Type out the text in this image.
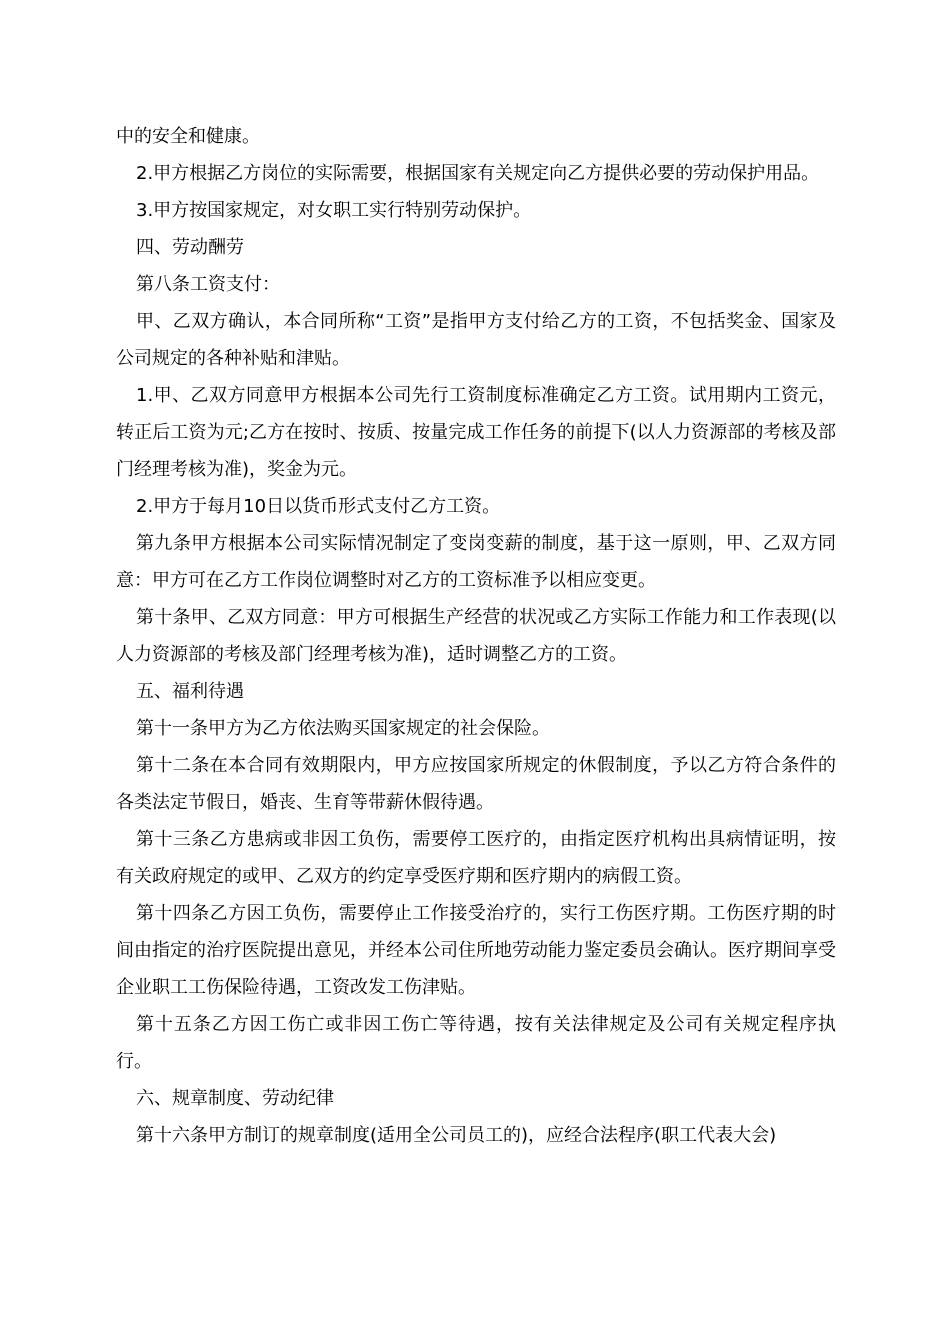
中的安全和健康。

2.甲方根据乙方岗位的实际需要，根据国家有关规定向乙方提供必要的劳动保护用品。

3.甲方按国家规定，对女职工实行特别劳动保护。

四、劳动酬劳

第八条工资支付：

甲、乙双方确认，本合同所称“工资”是指甲方支付给乙方的工资，不包括奖金、国家及公司规定的各种补贴和津贴。

1.甲、乙双方同意甲方根据本公司先行工资制度标准确定乙方工资。试用期内工资元，转正后工资为元;乙方在按时、按质、按量完成工作任务的前提下(以人力资源部的考核及部门经理考核为准)，奖金为元。

2.甲方于每月10日以货币形式支付乙方工资。

第九条甲方根据本公司实际情况制定了变岗变薪的制度，基于这一原则，甲、乙双方同意：甲方可在乙方工作岗位调整时对乙方的工资标准予以相应变更。

第十条甲、乙双方同意：甲方可根据生产经营的状况或乙方实际工作能力和工作表现(以人力资源部的考核及部门经理考核为准)，适时调整乙方的工资。

五、福利待遇

第十一条甲方为乙方依法购买国家规定的社会保险。

第十二条在本合同有效期限内，甲方应按国家所规定的休假制度，予以乙方符合条件的各类法定节假日，婚丧、生育等带薪休假待遇。

第十三条乙方患病或非因工负伤，需要停工医疗的，由指定医疗机构出具病情证明，按有关政府规定的或甲、乙双方的约定享受医疗期和医疗期内的病假工资。

第十四条乙方因工负伤，需要停止工作接受治疗的，实行工伤医疗期。工伤医疗期的时间由指定的治疗医院提出意见，并经本公司住所地劳动能力鉴定委员会确认。医疗期间享受企业职工工伤保险待遇，工资改发工伤津贴。

第十五条乙方因工伤亡或非因工伤亡等待遇，按有关法律规定及公司有关规定程序执行。

六、规章制度、劳动纪律

第十六条甲方制订的规章制度(适用全公司员工的)，应经合法程序(职工代表大会)
